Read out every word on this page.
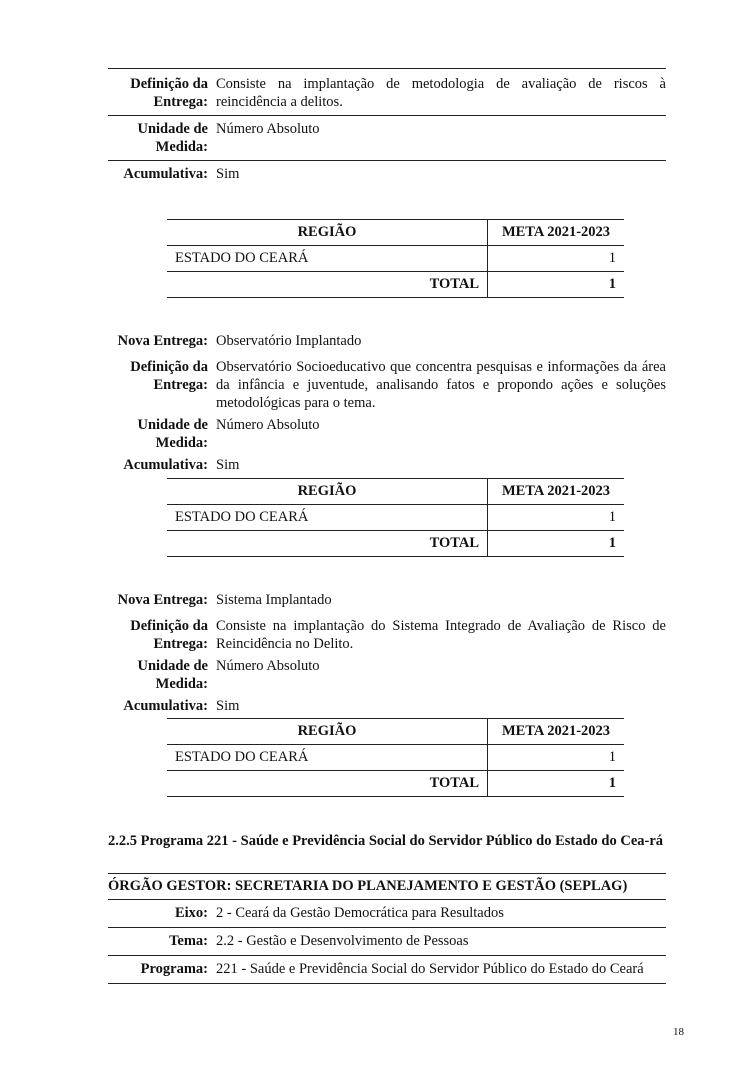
Definição da Entrega:
Consiste na implantação de metodologia de avaliação de riscos à reincidência a delitos.
Unidade de Medida:
Número Absoluto
Acumulativa: Sim
REGIÃO	META 2021-2023
ESTADO DO CEARÁ	1
TOTAL	1
Nova Entrega: Observatório Implantado
Definição da Entrega:
Observatório Socioeducativo que concentra pesquisas e informações da área da infância e juventude, analisando fatos e propondo ações e soluções metodológicas para o tema.
Unidade de Medida:
Número Absoluto
Acumulativa: Sim
REGIÃO	META 2021-2023
ESTADO DO CEARÁ	1
TOTAL	1
Nova Entrega: Sistema Implantado
Definição da Entrega:
Consiste na implantação do Sistema Integrado de Avaliação de Risco de Reincidência no Delito.
Unidade de Medida:
Número Absoluto
Acumulativa: Sim
REGIÃO	META 2021-2023
ESTADO DO CEARÁ	1
TOTAL	1
2.2.5 Programa 221 - Saúde e Previdência Social do Servidor Público do Estado do Cea-rá
ÓRGÃO GESTOR: SECRETARIA DO PLANEJAMENTO E GESTÃO (SEPLAG)
Eixo: 2 - Ceará da Gestão Democrática para Resultados
Tema: 2.2 - Gestão e Desenvolvimento de Pessoas
Programa: 221 - Saúde e Previdência Social do Servidor Público do Estado do Ceará
18
